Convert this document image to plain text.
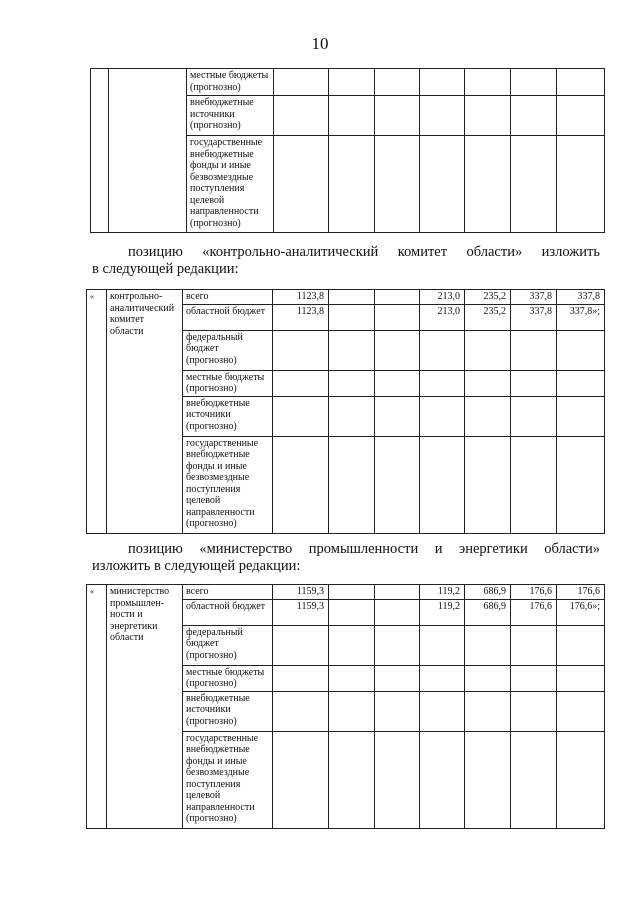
10
		местные бюджеты (прогнозно)							
		внебюджетные источники (прогнозно)							
		государственные внебюджетные фонды и иные безвозмездные поступления целевой направленности (прогнозно)							
позицию «контрольно-аналитический комитет области» изложить
в следующей редакции:
«	контрольно-аналитический комитет области	всего	1123,8			213,0	235,2	337,8	337,8
		областной бюджет	1123,8			213,0	235,2	337,8	337,8»;
		федеральный бюджет (прогнозно)							
		местные бюджеты (прогнозно)							
		внебюджетные источники (прогнозно)							
		государственные внебюджетные фонды и иные безвозмездные поступления целевой направленности (прогнозно)							
позицию «министерство промышленности и энергетики области»
изложить в следующей редакции:
«	министерство промышлен-ности и энергетики области	всего	1159,3			119,2	686,9	176,6	176,6
		областной бюджет	1159,3			119,2	686,9	176,6	176,6»;
		федеральный бюджет (прогнозно)							
		местные бюджеты (прогнозно)							
		внебюджетные источники (прогнозно)							
		государственные внебюджетные фонды и иные безвозмездные поступления целевой направленности (прогнозно)							
